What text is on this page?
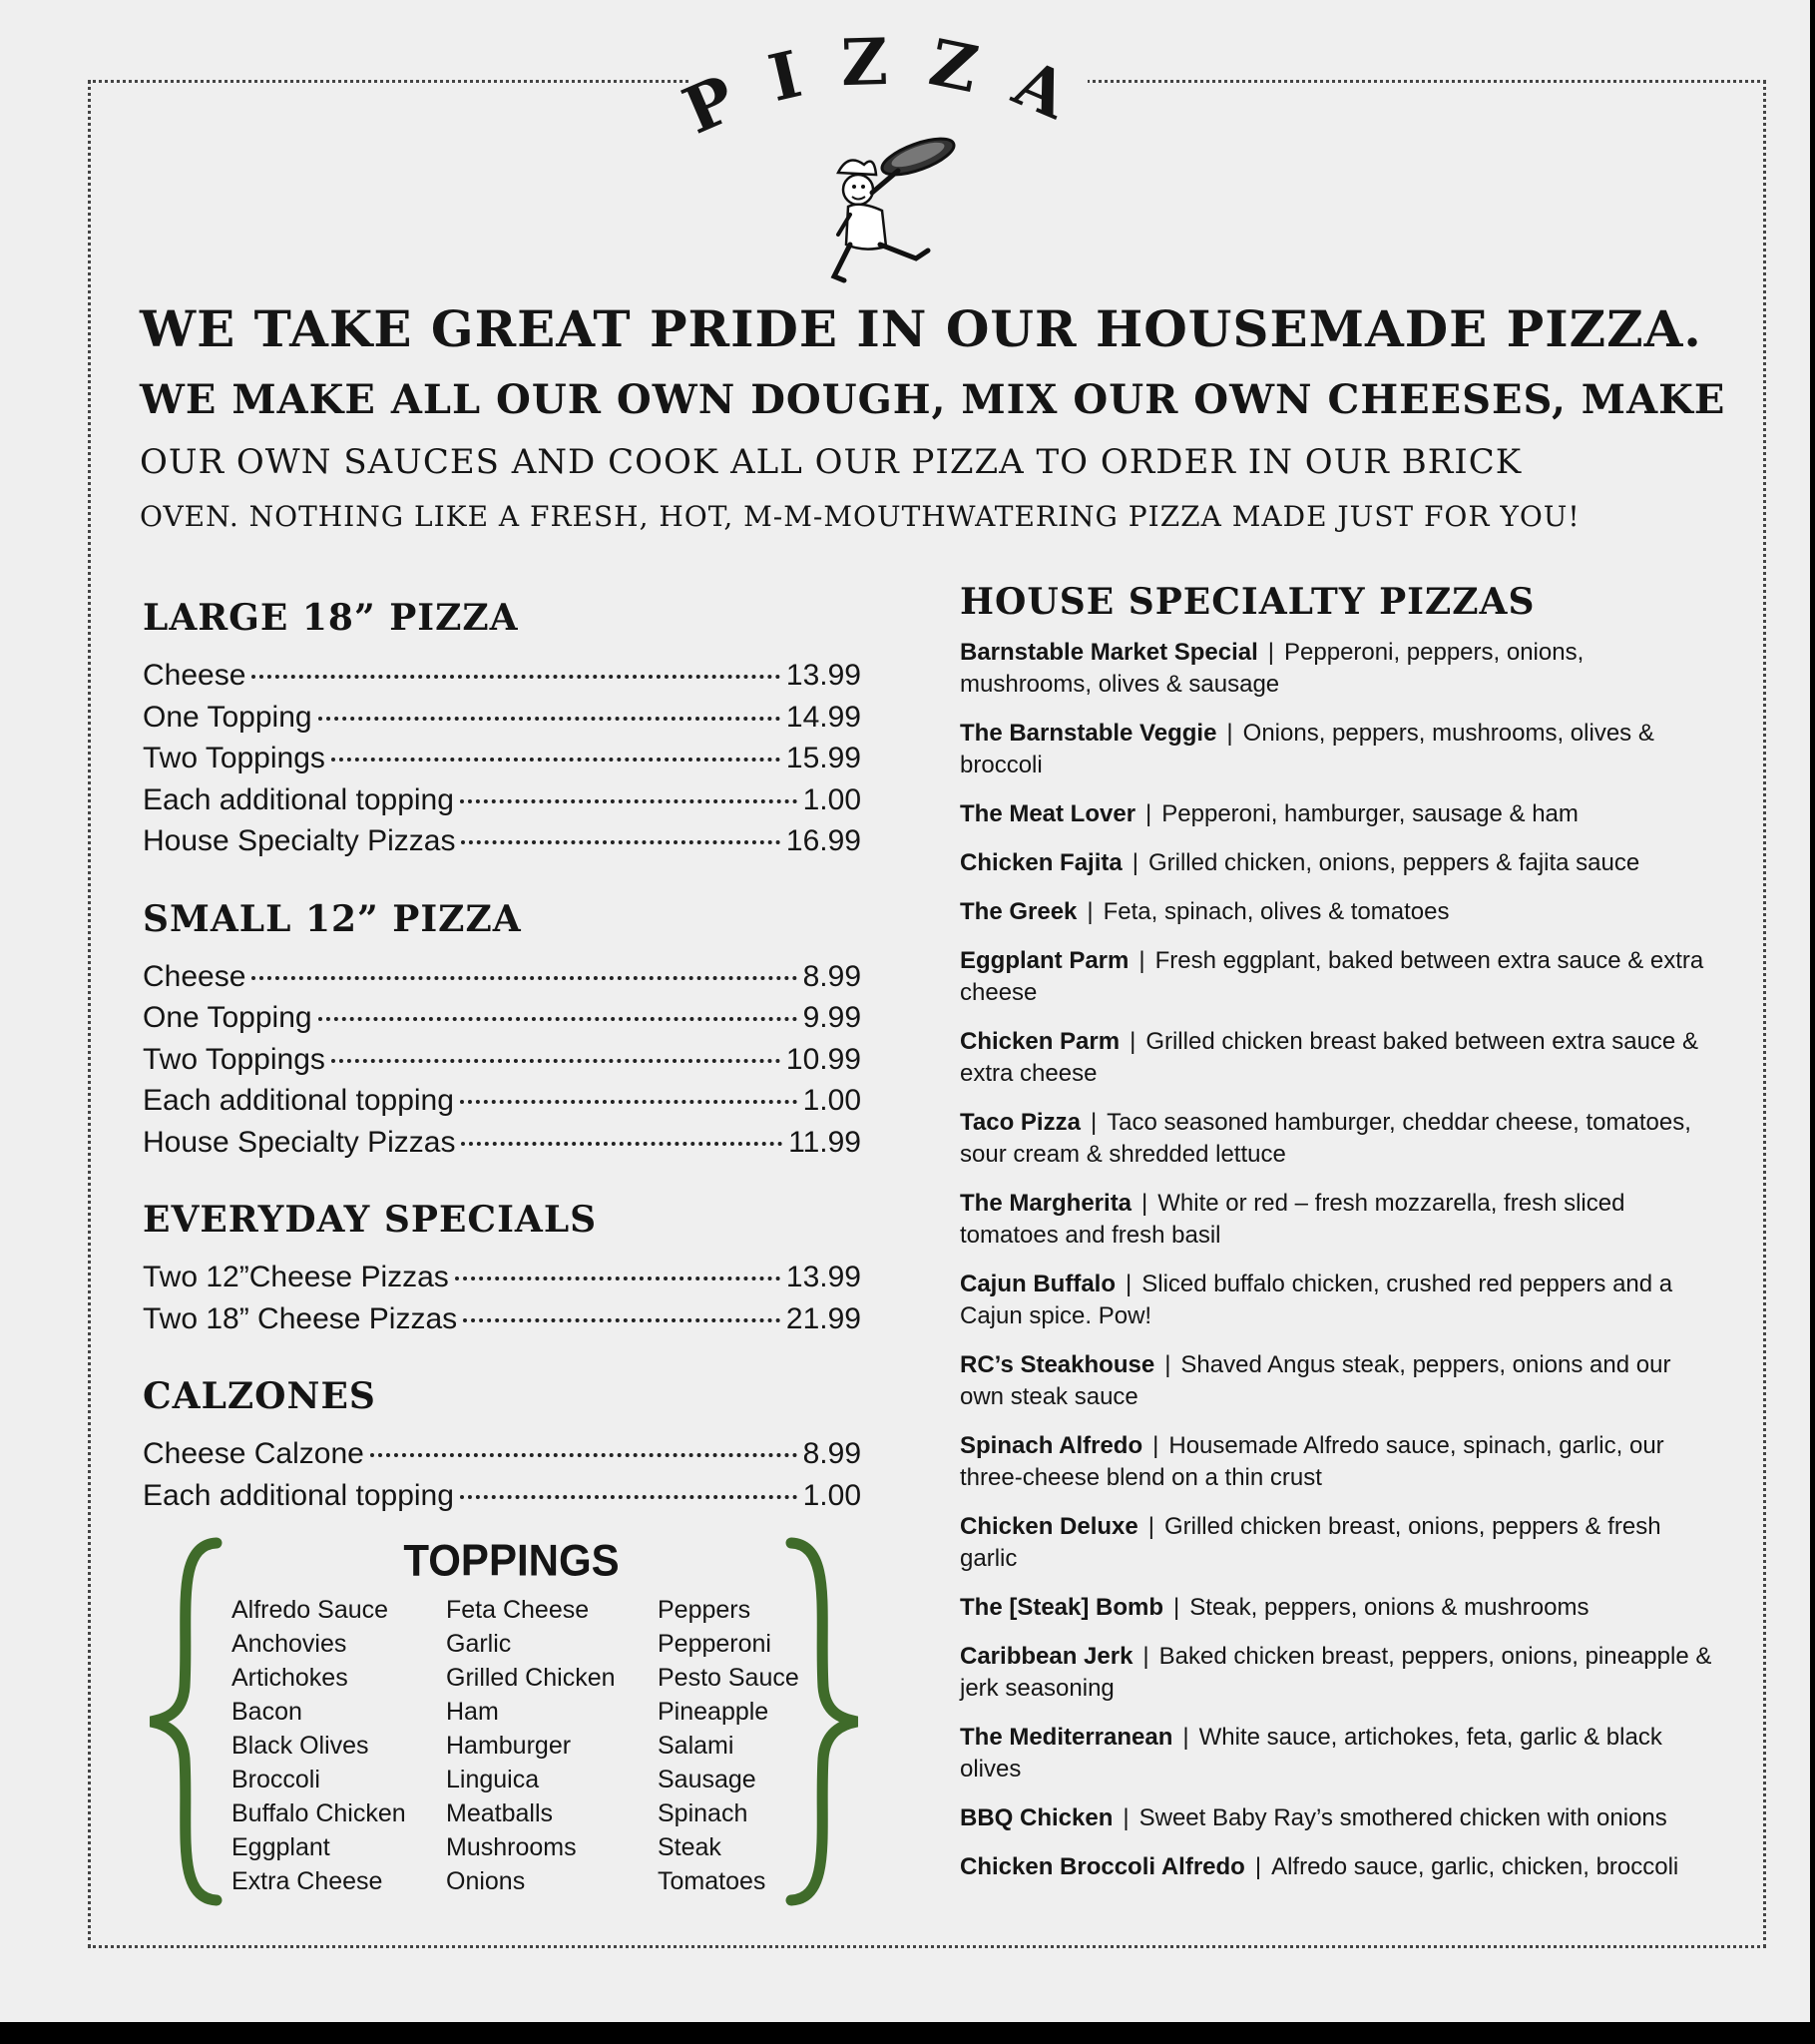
PIZZA
WE TAKE GREAT PRIDE IN OUR HOUSEMADE PIZZA.
WE MAKE ALL OUR OWN DOUGH, MIX OUR OWN CHEESES, MAKE
OUR OWN SAUCES AND COOK ALL OUR PIZZA TO ORDER IN OUR BRICK
OVEN. NOTHING LIKE A FRESH, HOT, M-M-MOUTHWATERING PIZZA MADE JUST FOR YOU!
LARGE 18” PIZZA
Cheese	13.99
One Topping	14.99
Two Toppings	15.99
Each additional topping	1.00
House Specialty Pizzas	16.99
SMALL 12” PIZZA
Cheese	8.99
One Topping	9.99
Two Toppings	10.99
Each additional topping	1.00
House Specialty Pizzas	11.99
EVERYDAY SPECIALS
Two 12”Cheese Pizzas	13.99
Two 18” Cheese Pizzas	21.99
CALZONES
Cheese Calzone	8.99
Each additional topping	1.00
TOPPINGS
Alfredo Sauce
Anchovies
Artichokes
Bacon
Black Olives
Broccoli
Buffalo Chicken
Eggplant
Extra Cheese
Feta Cheese
Garlic
Grilled Chicken
Ham
Hamburger
Linguica
Meatballs
Mushrooms
Onions
Peppers
Pepperoni
Pesto Sauce
Pineapple
Salami
Sausage
Spinach
Steak
Tomatoes
HOUSE SPECIALTY PIZZAS
Barnstable Market Special | Pepperoni, peppers, onions, mushrooms, olives & sausage
The Barnstable Veggie | Onions, peppers, mushrooms, olives & broccoli
The Meat Lover | Pepperoni, hamburger, sausage & ham
Chicken Fajita | Grilled chicken, onions, peppers & fajita sauce
The Greek | Feta, spinach, olives & tomatoes
Eggplant Parm | Fresh eggplant, baked between extra sauce & extra cheese
Chicken Parm | Grilled chicken breast baked between extra sauce & extra cheese
Taco Pizza | Taco seasoned hamburger, cheddar cheese, tomatoes, sour cream & shredded lettuce
The Margherita | White or red – fresh mozzarella, fresh sliced tomatoes and fresh basil
Cajun Buffalo | Sliced buffalo chicken, crushed red peppers and a Cajun spice. Pow!
RC’s Steakhouse | Shaved Angus steak, peppers, onions and our own steak sauce
Spinach Alfredo | Housemade Alfredo sauce, spinach, garlic, our three-cheese blend on a thin crust
Chicken Deluxe | Grilled chicken breast, onions, peppers & fresh garlic
The [Steak] Bomb | Steak, peppers, onions & mushrooms
Caribbean Jerk | Baked chicken breast, peppers, onions, pineapple & jerk seasoning
The Mediterranean | White sauce, artichokes, feta, garlic & black olives
BBQ Chicken | Sweet Baby Ray’s smothered chicken with onions
Chicken Broccoli Alfredo | Alfredo sauce, garlic, chicken, broccoli
